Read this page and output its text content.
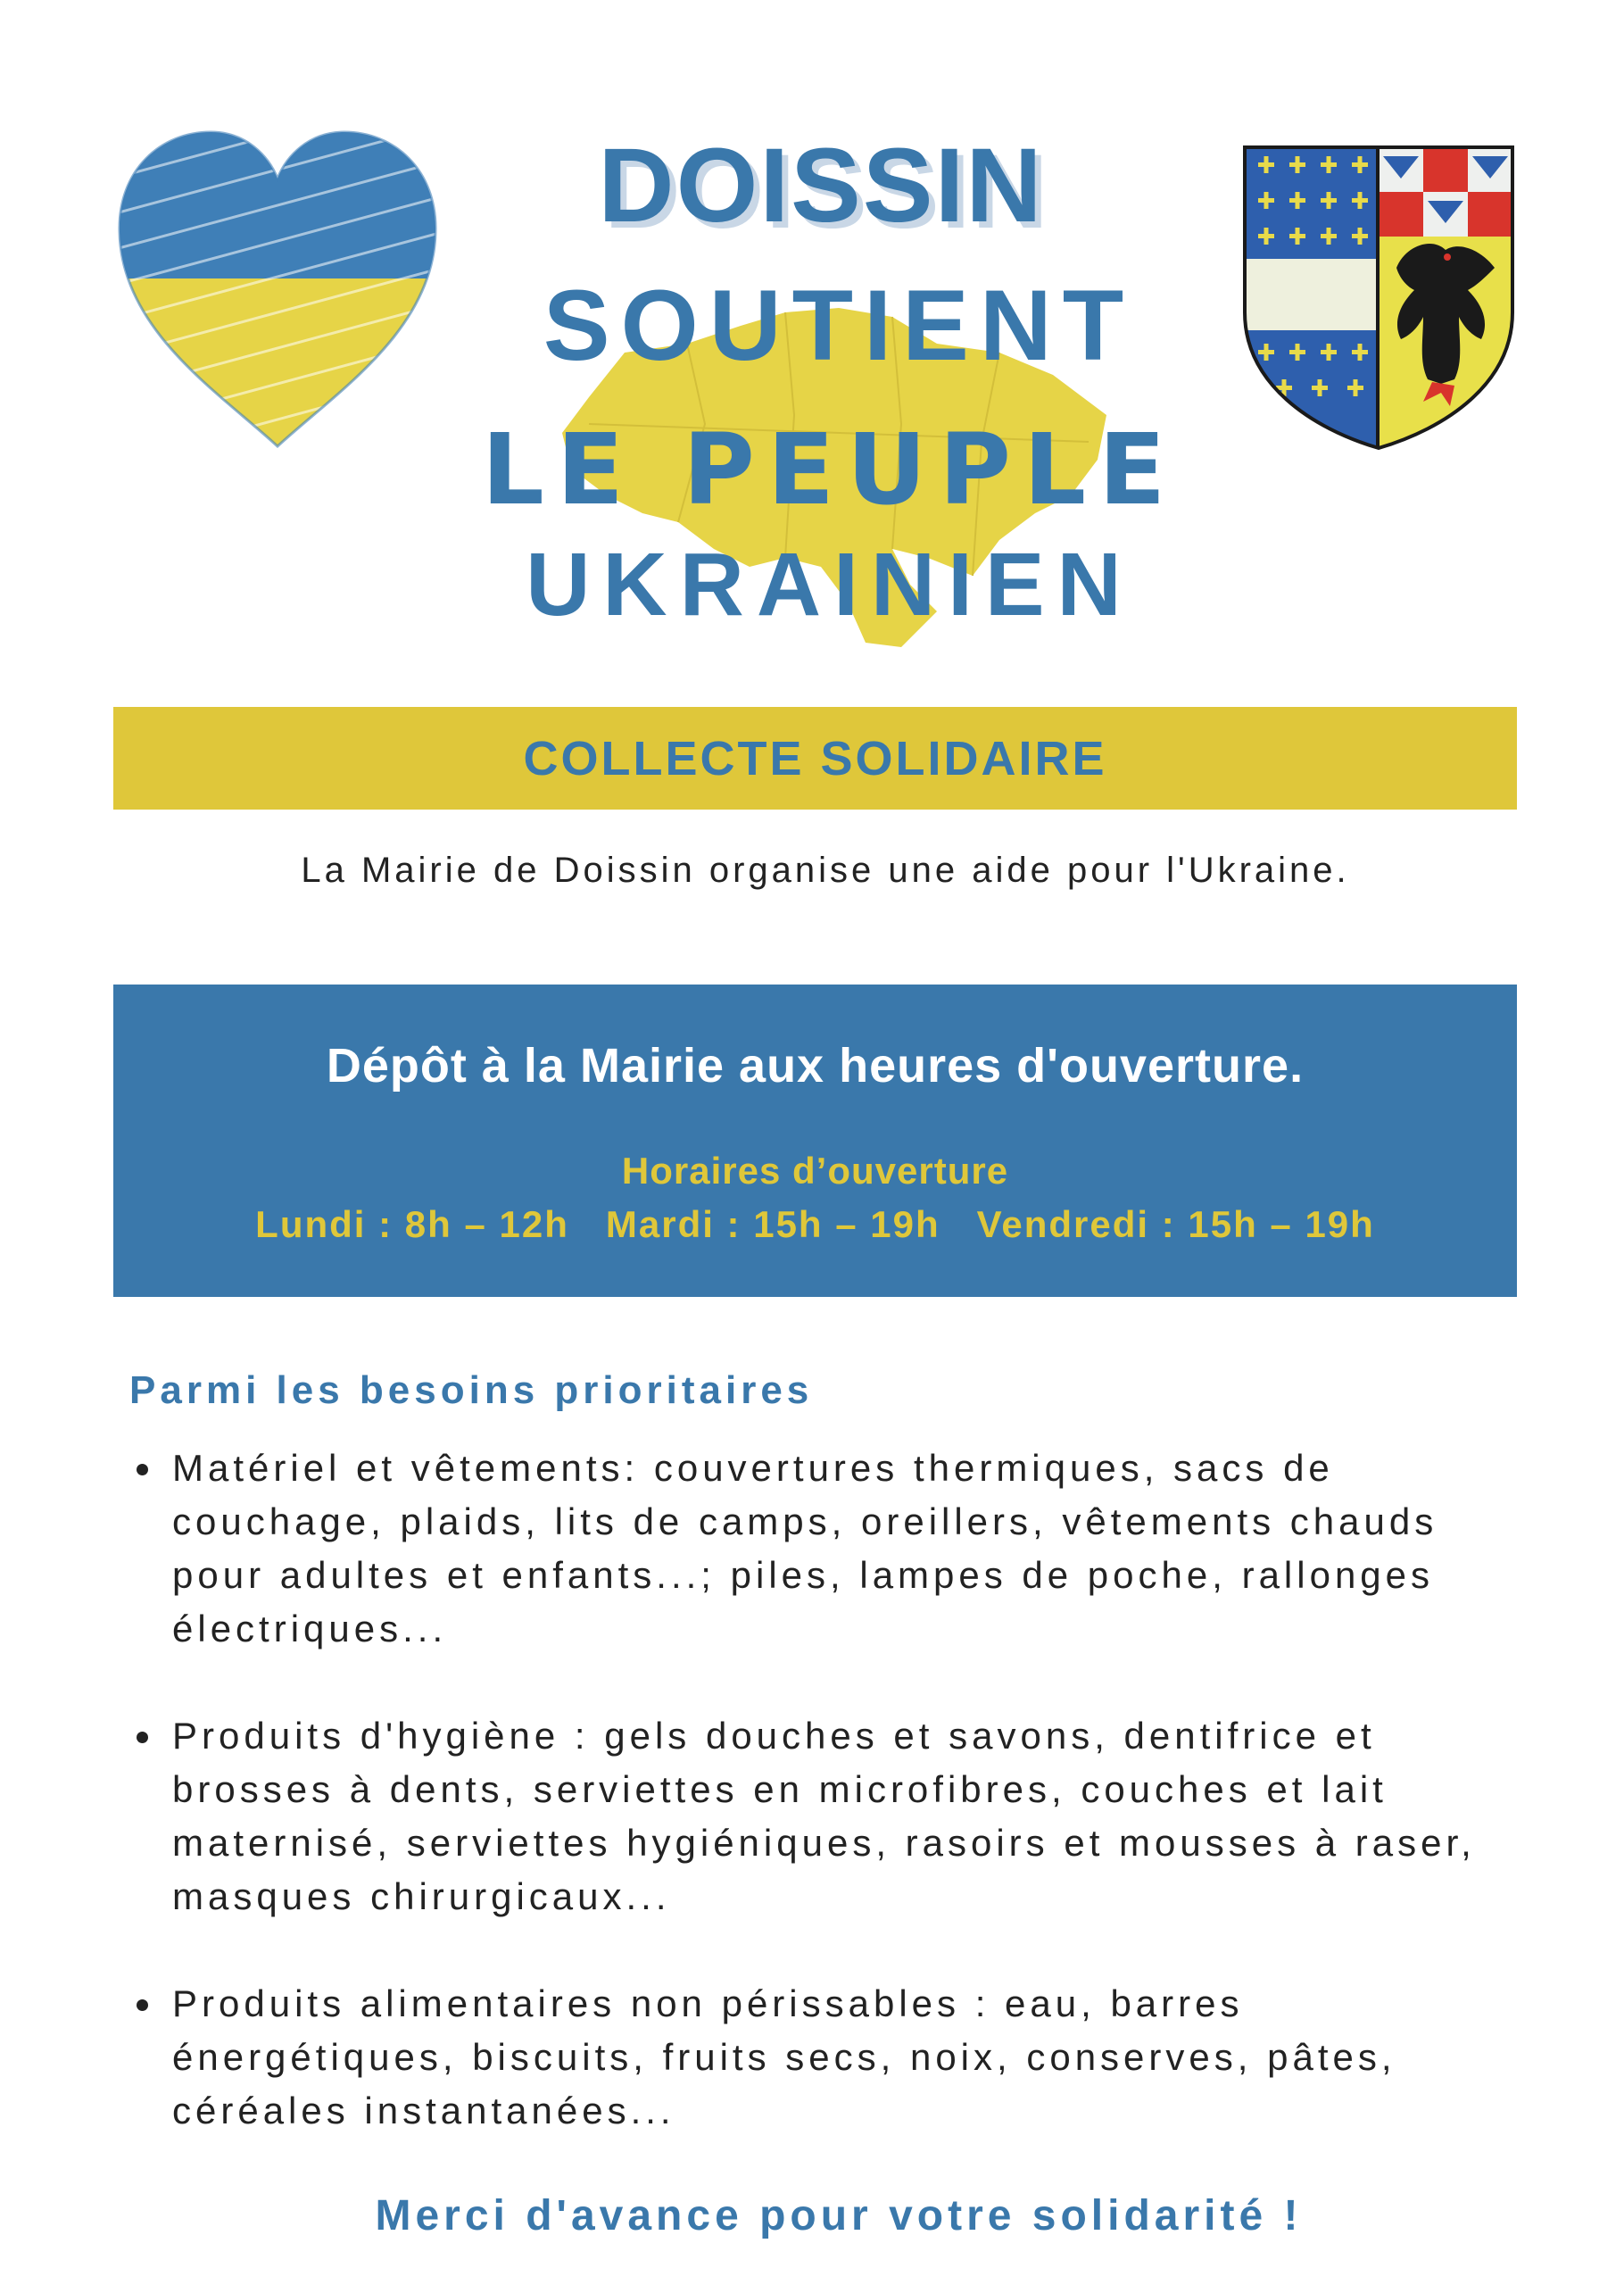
DOISSIN
SOUTIENT
LE PEUPLE
UKRAINIEN
COLLECTE SOLIDAIRE
La Mairie de Doissin organise une aide pour l'Ukraine.
Dépôt à la Mairie aux heures d'ouverture.
Horaires d’ouverture
Lundi : 8h – 12h   Mardi : 15h – 19h   Vendredi : 15h – 19h
Parmi les besoins prioritaires
Matériel et vêtements: couvertures thermiques, sacs de couchage, plaids, lits de camps, oreillers, vêtements chauds pour adultes et enfants...; piles, lampes de poche, rallonges électriques...
Produits d'hygiène : gels douches et savons, dentifrice et brosses à dents, serviettes en microfibres, couches et lait maternisé, serviettes hygiéniques, rasoirs et mousses à raser, masques chirurgicaux...
Produits alimentaires non périssables : eau, barres énergétiques, biscuits, fruits secs, noix, conserves, pâtes, céréales instantanées...
Merci d'avance pour votre solidarité !
